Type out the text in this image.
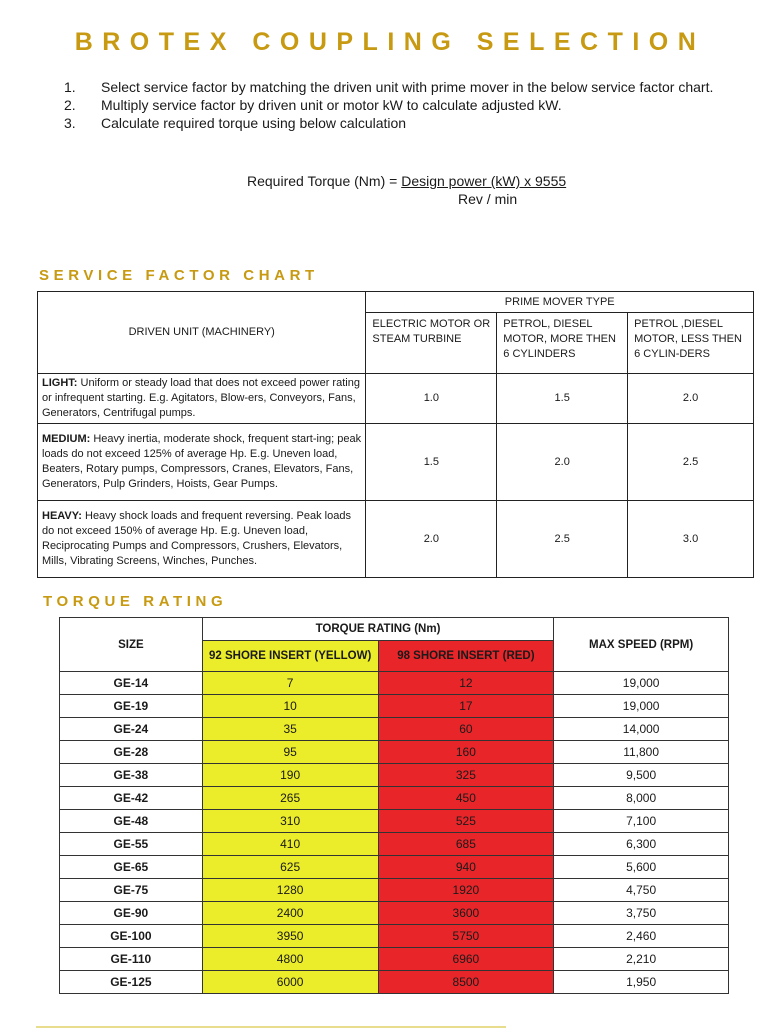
BROTEX COUPLING SELECTION
1. Select service factor by matching the driven unit with prime mover in the below service factor chart.
2. Multiply service factor by driven unit or motor kW to calculate adjusted kW.
3. Calculate required torque using below calculation
Required Torque (Nm) = Design power (kW) x 9555
Rev / min
SERVICE FACTOR CHART
DRIVEN UNIT (MACHINERY)	PRIME MOVER TYPE		
	ELECTRIC MOTOR OR STEAM TURBINE	PETROL, DIESEL MOTOR, MORE THEN 6 CYLINDERS	PETROL ,DIESEL MOTOR, LESS THEN 6 CYLIN-DERS
LIGHT: Uniform or steady load that does not exceed power rating or infrequent starting. E.g. Agitators, Blow-ers, Conveyors, Fans, Generators, Centrifugal pumps.	1.0	1.5	2.0
MEDIUM: Heavy inertia, moderate shock, frequent start-ing; peak loads do not exceed 125% of average Hp. E.g. Uneven load, Beaters, Rotary pumps, Compressors, Cranes, Elevators, Fans, Generators, Pulp Grinders, Hoists, Gear Pumps.	1.5	2.0	2.5
HEAVY: Heavy shock loads and frequent reversing. Peak loads do not exceed 150% of average Hp. E.g. Uneven load, Reciprocating Pumps and Compressors, Crushers, Elevators, Mills, Vibrating Screens, Winches, Punches.	2.0	2.5	3.0
TORQUE RATING
SIZE	TORQUE RATING (Nm)		MAX SPEED (RPM)
	92 SHORE INSERT (YELLOW)	98 SHORE INSERT (RED)	
GE-14	7	12	19,000
GE-19	10	17	19,000
GE-24	35	60	14,000
GE-28	95	160	11,800
GE-38	190	325	9,500
GE-42	265	450	8,000
GE-48	310	525	7,100
GE-55	410	685	6,300
GE-65	625	940	5,600
GE-75	1280	1920	4,750
GE-90	2400	3600	3,750
GE-100	3950	5750	2,460
GE-110	4800	6960	2,210
GE-125	6000	8500	1,950
